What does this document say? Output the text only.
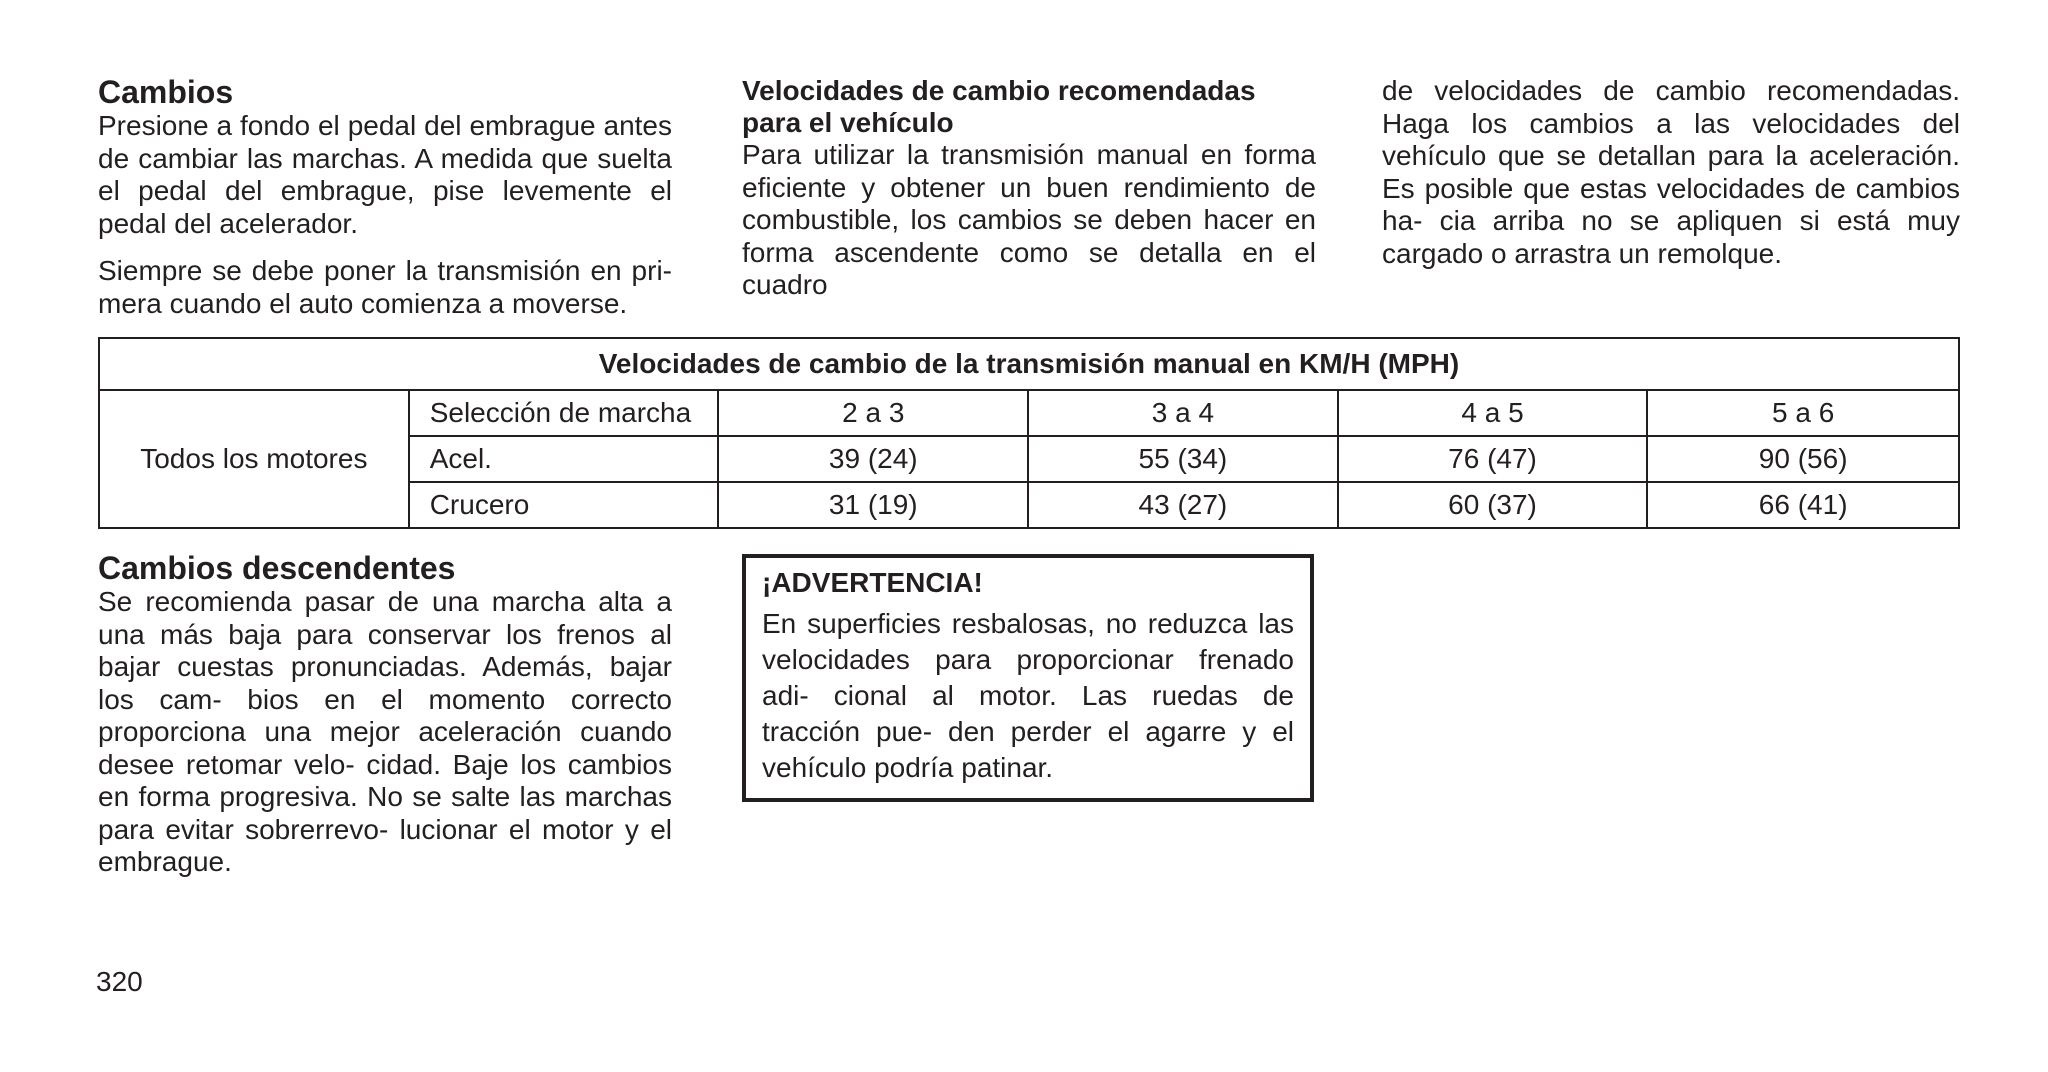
Cambios

Presione a fondo el pedal del embrague antes de cambiar las marchas. A medida que suelta el pedal del embrague, pise levemente el pedal del acelerador.

Siempre se debe poner la transmisión en pri- mera cuando el auto comienza a moverse.

Velocidades de cambio recomendadas
para el vehículo

Para utilizar la transmisión manual en forma eficiente y obtener un buen rendimiento de combustible, los cambios se deben hacer en forma ascendente como se detalla en el cuadro

de velocidades de cambio recomendadas. Haga los cambios a las velocidades del vehículo que se detallan para la aceleración. Es posible que estas velocidades de cambios ha- cia arriba no se apliquen si está muy cargado o arrastra un remolque.

Velocidades de cambio de la transmisión manual en KM/H (MPH)					
Todos los motores	Selección de marcha	2 a 3	3 a 4	4 a 5	5 a 6
	Acel.	39 (24)	55 (34)	76 (47)	90 (56)
	Crucero	31 (19)	43 (27)	60 (37)	66 (41)
Cambios descendentes

Se recomienda pasar de una marcha alta a una más baja para conservar los frenos al bajar cuestas pronunciadas. Además, bajar los cam- bios en el momento correcto proporciona una mejor aceleración cuando desee retomar velo- cidad. Baje los cambios en forma progresiva. No se salte las marchas para evitar sobrerrevo- lucionar el motor y el embrague.

¡ADVERTENCIA!

En superficies resbalosas, no reduzca las velocidades para proporcionar frenado adi- cional al motor. Las ruedas de tracción pue- den perder el agarre y el vehículo podría patinar.

320
